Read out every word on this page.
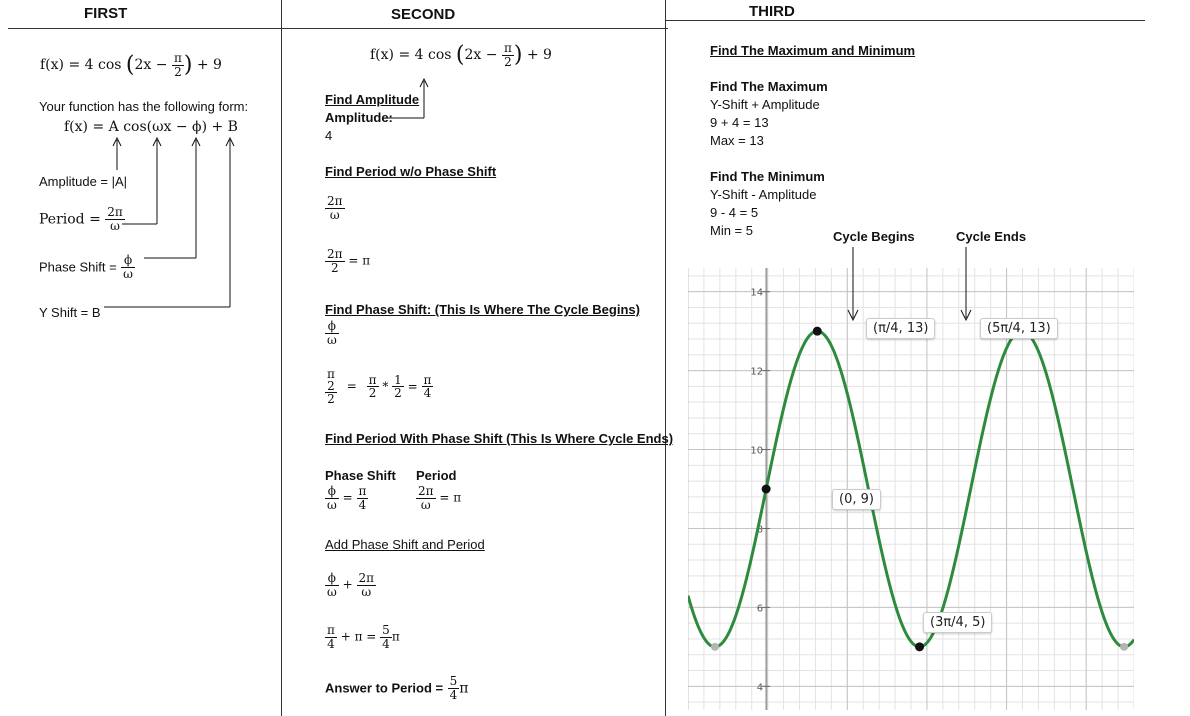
FIRST	SECOND	THIRD
f(x) = 4 $\cos (2x - \frac{\pi}{2}$ ) + 9
Your function has the following form:
f(x) = A cos(ωx − ϕ) + B
Amplitude = |A|
Period = $\frac{2\pi}{\omega}$
Phase Shift = $\frac{\phi}{\omega}$
Y Shift = B
f(x) = 4 $\cos (2x - \frac{\pi}{2}$ ) + 9
Find Amplitude
Amplitude:
4
Find Period w/o Phase Shift
$\frac{2\pi}{\omega}$
$\frac{2\pi}{2} = \pi$
Find Phase Shift: (This Is Where The Cycle Begins)
$\frac{\phi}{\omega}$
π
2
2
= $\frac{\pi}{2} * \frac{1}{2} = \frac{\pi}{4}$
Find Period With Phase Shift (This Is Where Cycle Ends)
Phase Shift Period
$\frac{\phi}{\omega} = \frac{\pi}{4}$	$\frac{2\pi}{\omega} = \pi$
Add Phase Shift and Period
$\frac{\phi}{\omega} + \frac{2\pi}{\omega}$
$\frac{\pi}{4} + \pi = \frac{5}{4}$ π
Answer to Period = $\frac{5}{4}$ π
Find The Maximum and Minimum
Find The Maximum
Y-Shift + Amplitude
9 + 4 = 13
Max = 13
Find The Minimum
Y-Shift - Amplitude
9 - 4 = 5
Min = 5	Cycle Begins	Cycle Ends
4
6
8
10
12
14
(π/4, 13)	(5π/4, 13)
(0, 9)
(3π/4, 5)
